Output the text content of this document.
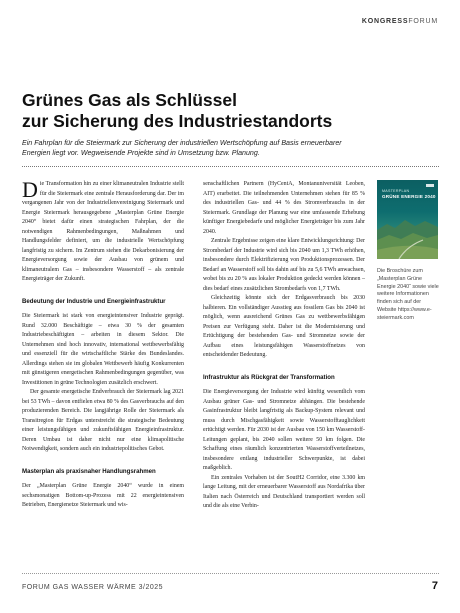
KONGRESSFORUM
Grünes Gas als Schlüssel
zur Sicherung des Industriestandorts
Ein Fahrplan für die Steiermark zur Sicherung der industriellen Wertschöpfung auf Basis erneuerbarer
Energien liegt vor. Wegweisende Projekte sind in Umsetzung bzw. Planung.

Die Transformation hin zu einer klimaneutralen Industrie stellt für die Steiermark eine zentrale Herausforderung dar. Der im vergangenen Jahr von der Industriellenvereinigung Steiermark und Energie Steiermark herausgegebene „Masterplan Grüne Energie 2040“ bietet dafür einen strategischen Fahrplan, der die notwendigen Rahmenbedingungen, Maßnahmen und Handlungsfelder definiert, um die industrielle Wertschöpfung langfristig zu sichern. Im Zentrum stehen die Dekarbonisierung der Energieversorgung sowie der Ausbau von grünem und klimaneutralem Gas – insbesondere Wasserstoff – als zentrale Energieträger der Zukunft.

Bedeutung der Industrie und Energieinfrastruktur

Die Steiermark ist stark von energieintensiver Industrie geprägt. Rund 32.000 Beschäftigte – etwa 30 % der gesamten Industriebeschäftigten – arbeiten in diesem Sektor. Die Unternehmen sind hoch innovativ, international wettbewerbsfähig und essenziell für die wirtschaftliche Stärke des Bundeslandes. Allerdings stehen sie im globalen Wettbewerb häufig Konkurrenten mit günstigeren energetischen Rahmenbedingungen gegenüber, was Investitionen in grüne Technologien zusätzlich erschwert.

Der gesamte energetische Endverbrauch der Steiermark lag 2021 bei 53 TWh – davon entfielen etwa 80 % des Gasverbrauchs auf den produzierenden Bereich. Die langjährige Rolle der Steiermark als Transitregion für Erdgas unterstreicht die strategische Bedeutung einer leistungsfähigen und zukunftsfähigen Energieinfrastruktur. Deren Umbau ist daher nicht nur eine klimapolitische Notwendigkeit, sondern auch ein industriepolitisches Gebot.

Masterplan als praxisnaher Handlungsrahmen

Der „Masterplan Grüne Energie 2040“ wurde in einem sechsmonatigen Bottom-up-Prozess mit 22 energieintensiven Betrieben, Energienetze Steiermark und wis-

senschaftlichen Partnern (HyCentA, Montanuniversität Leoben, AIT) erarbeitet. Die teilnehmenden Unternehmen stehen für 85 % des industriellen Gas- und 44 % des Stromverbrauchs in der Steiermark. Grundlage der Planung war eine umfassende Erhebung künftiger Energiebedarfe und möglicher Energieträger bis zum Jahr 2040.

Zentrale Ergebnisse zeigen eine klare Entwicklungsrichtung: Der Strombedarf der Industrie wird sich bis 2040 um 1,3 TWh erhöhen, insbesondere durch Elektrifizierung von Produktionsprozessen. Der Bedarf an Wasserstoff soll bis dahin auf bis zu 5,6 TWh anwachsen, wobei bis zu 20 % aus lokaler Produktion gedeckt werden können – dies bedarf eines zusätzlichen Strombedarfs von 1,7 TWh.

Gleichzeitig könnte sich der Erdgasverbrauch bis 2030 halbieren. Ein vollständiger Ausstieg aus fossilem Gas bis 2040 ist möglich, wenn ausreichend Grünes Gas zu wettbewerbsfähigen Preisen zur Verfügung steht. Daher ist die Modernisierung und Ertüchtigung der bestehenden Gas- und Stromnetze sowie der Aufbau eines leistungsfähigen Wasserstoffnetzes von entscheidender Bedeutung.

Infrastruktur als Rückgrat der Transformation

Die Energieversorgung der Industrie wird künftig wesentlich vom Ausbau grüner Gas- und Stromnetze abhängen. Die bestehende Gasinfrastruktur bleibt langfristig als Backup-System relevant und muss durch Mischgasfähigkeit sowie Wasserstofftauglichkeit ertüchtigt werden. Für 2030 ist der Ausbau von 150 km Wasserstoff-Leitungen geplant, bis 2040 sollen weitere 50 km folgen. Die Schaffung eines räumlich konzentrierten Wasserstoffverteilnetzes, insbesondere entlang industrieller Schwerpunkte, ist dabei maßgeblich.

Ein zentrales Vorhaben ist der SoutH2 Corridor, eine 3.300 km lange Leitung, mit der erneuerbarer Wasserstoff aus Nordafrika über Italien nach Österreich und Deutschland transportiert werden soll und die als eine Verbin-

MASTERPLAN
GRÜNE ENERGIE 2040
Die Broschüre zum „Masterplan Grüne Energie 2040“ sowie viele weitere Informationen finden sich auf der Website https://www.e-steiermark.com
FORUM GAS WASSER WÄRME 3/2025	7
